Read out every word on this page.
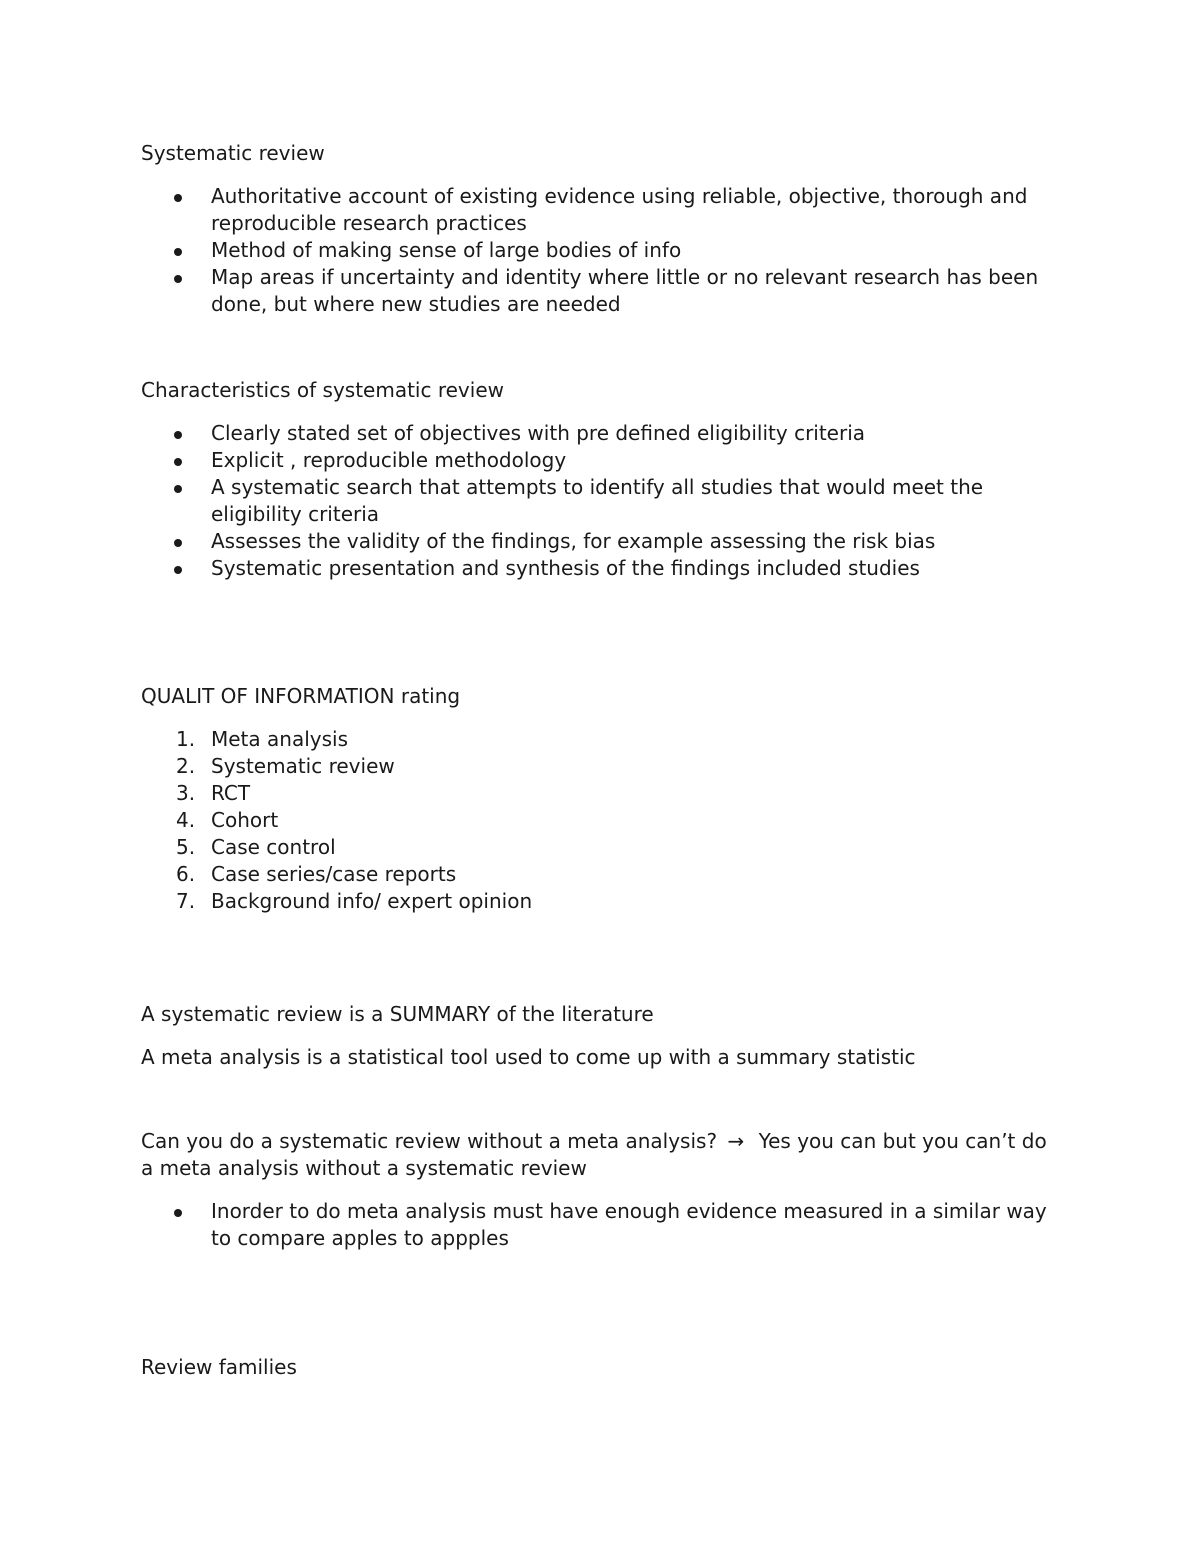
Systematic review

Authoritative account of existing evidence using reliable, objective, thorough and reproducible research practices
Method of making sense of large bodies of info
Map areas if uncertainty and identity where little or no relevant research has been done, but where new studies are needed

Characteristics of systematic review

Clearly stated set of objectives with pre defined eligibility criteria
Explicit , reproducible methodology
A systematic search that attempts to identify all studies that would meet the eligibility criteria
Assesses the validity of the findings, for example assessing the risk bias
Systematic presentation and synthesis of the findings included studies

QUALIT OF INFORMATION rating

1. Meta analysis
2. Systematic review
3. RCT
4. Cohort
5. Case control
6. Case series/case reports
7. Background info/ expert opinion

A systematic review is a SUMMARY of the literature

A meta analysis is a statistical tool used to come up with a summary statistic

Can you do a systematic review without a meta analysis? → Yes you can but you can’t do a meta analysis without a systematic review

Inorder to do meta analysis must have enough evidence measured in a similar way to compare apples to appples

Review families
